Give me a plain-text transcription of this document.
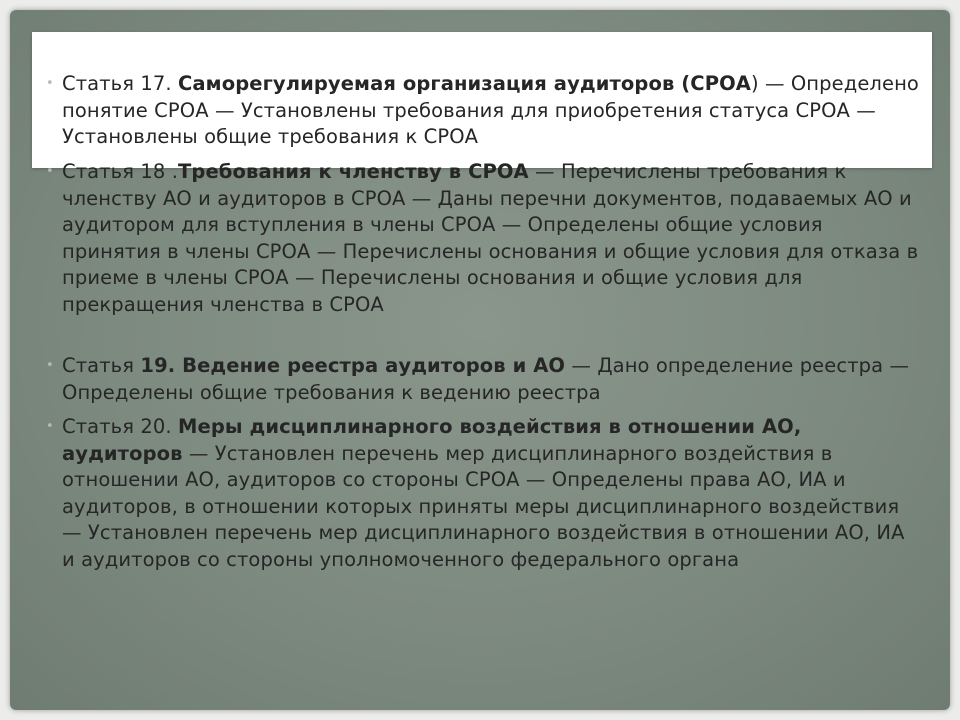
• Статья 17. Саморегулируемая организация аудиторов (СРОА) — Определено понятие СРОА — Установлены требования для приобретения статуса СРОА — Установлены общие требования к СРОА
• Статья 18 .Требования к членству в СРОА — Перечислены требования к членству АО и аудиторов в СРОА — Даны перечни документов, подаваемых АО и аудитором для вступления в члены СРОА — Определены общие условия принятия в члены СРОА — Перечислены основания и общие условия для отказа в приеме в члены СРОА — Перечислены основания и общие условия для прекращения членства в СРОА
• Статья 19. Ведение реестра аудиторов и АО — Дано определение реестра — Определены общие требования к ведению реестра
• Статья 20. Меры дисциплинарного воздействия в отношении АО, аудиторов — Установлен перечень мер дисциплинарного воздействия в отношении АО, аудиторов со стороны СРОА — Определены права АО, ИА и аудиторов, в отношении которых приняты меры дисциплинарного воздействия — Установлен перечень мер дисциплинарного воздействия в отношении АО, ИА и аудиторов со стороны уполномоченного федерального органа
